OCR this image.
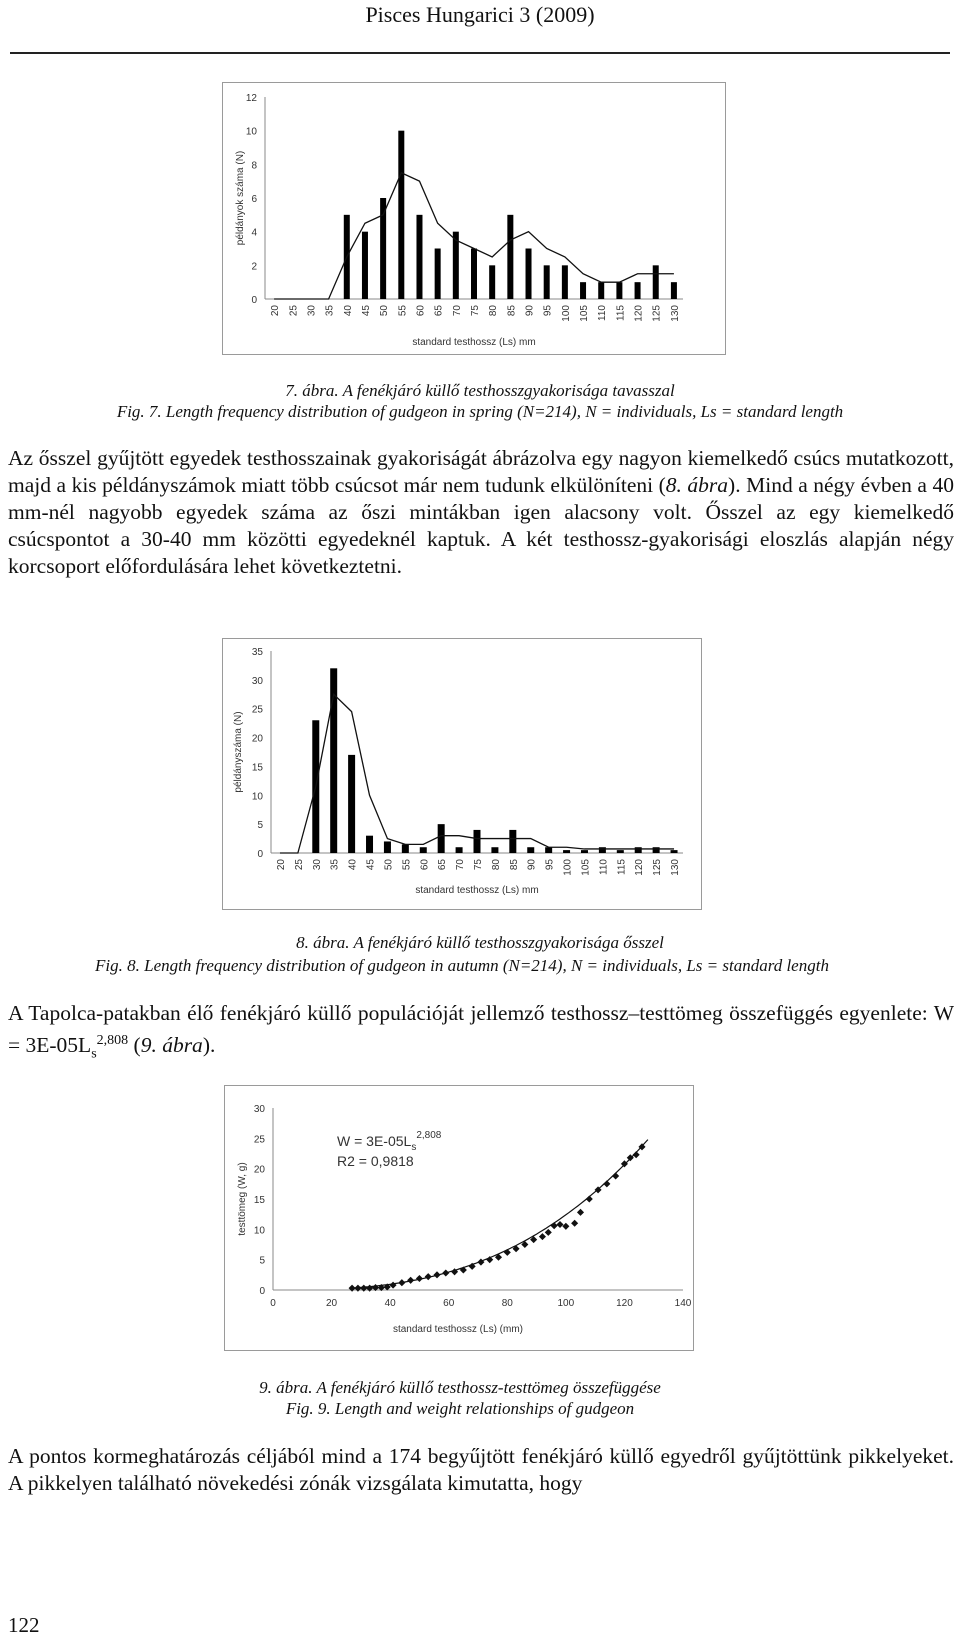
Pisces Hungarici 3 (2009)
0
2
4
6
8
10
12
20 25 30 35 40 45 50 55 60 65 70 75 80 85 90 95 100 105 110 115 120 125 130
példányok száma (N)
standard testhossz (Ls) mm
7. ábra. A fenékjáró küllő testhosszgyakorisága tavasszal
Fig. 7. Length frequency distribution of gudgeon in spring (N=214), N = individuals, Ls = standard length
Az ősszel gyűjtött egyedek testhosszainak gyakoriságát ábrázolva egy nagyon kiemelkedő csúcs mutatkozott, majd a kis példányszámok miatt több csúcsot már nem tudunk elkülöníteni (8. ábra). Mind a négy évben a 40 mm-nél nagyobb egyedek száma az őszi mintákban igen alacsony volt. Ősszel az egy kiemelkedő csúcspontot a 30-40 mm közötti egyedeknél kaptuk. A két testhossz-gyakorisági eloszlás alapján négy korcsoport előfordulására lehet következtetni.
0
5
10
15
20
25
30
35
20 25 30 35 40 45 50 55 60 65 70 75 80 85 90 95 100 105 110 115 120 125 130
példányszáma (N)
standard testhossz (Ls) mm
8. ábra. A fenékjáró küllő testhosszgyakorisága ősszel
Fig. 8. Length frequency distribution of gudgeon in autumn (N=214), N = individuals, Ls = standard length
A Tapolca-patakban élő fenékjáró küllő populációját jellemző testhossz–testtömeg összefüggés egyenlete: $W = 3E-05L_s^{2,808}$ (9. ábra).
0
5
10
15
20
25
30
0	20	40	60	80	100	120	140
$W = 3E-05L_s^{2,808}$
R2 = 0,9818
testtömeg (W, g)
standard testhossz (Ls) (mm)
9. ábra. A fenékjáró küllő testhossz-testtömeg összefüggése
Fig. 9. Length and weight relationships of gudgeon
A pontos kormeghatározás céljából mind a 174 begyűjtött fenékjáró küllő egyedről gyűjtöttünk pikkelyeket. A pikkelyen található növekedési zónák vizsgálata kimutatta, hogy
122
